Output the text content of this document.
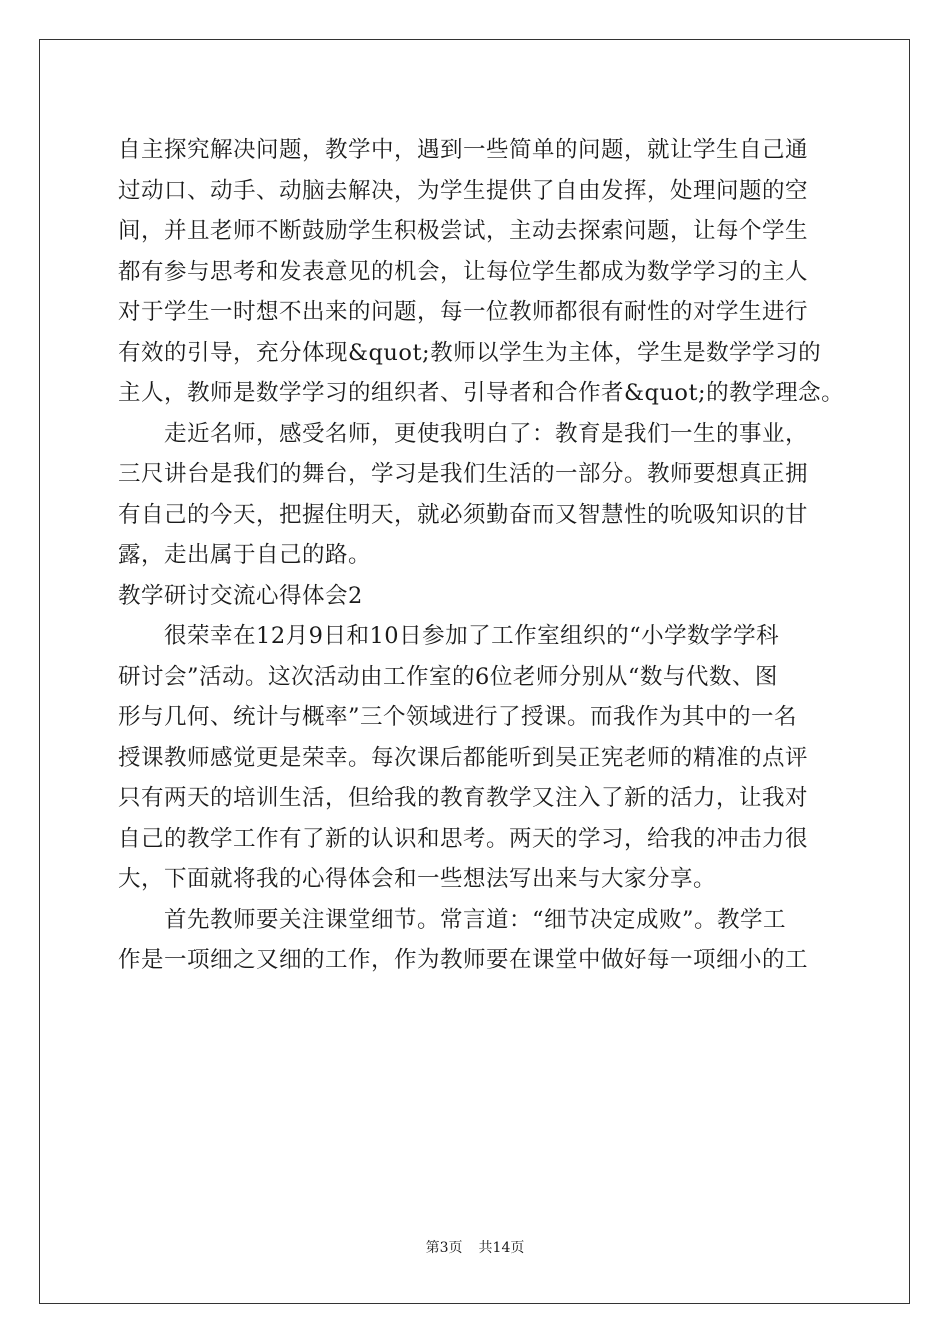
自主探究解决问题，教学中，遇到一些简单的问题，就让学生自己通
过动口、动手、动脑去解决，为学生提供了自由发挥，处理问题的空
间，并且老师不断鼓励学生积极尝试，主动去探索问题，让每个学生
都有参与思考和发表意见的机会，让每位学生都成为数学学习的主人
对于学生一时想不出来的问题，每一位教师都很有耐性的对学生进行
有效的引导，充分体现&quot;教师以学生为主体，学生是数学学习的
主人，教师是数学学习的组织者、引导者和合作者&quot;的教学理念。
　　走近名师，感受名师，更使我明白了：教育是我们一生的事业，
三尺讲台是我们的舞台，学习是我们生活的一部分。教师要想真正拥
有自己的今天，把握住明天，就必须勤奋而又智慧性的吮吸知识的甘
露，走出属于自己的路。
教学研讨交流心得体会2
　　很荣幸在12月9日和10日参加了工作室组织的“小学数学学科
研讨会”活动。这次活动由工作室的6位老师分别从“数与代数、图
形与几何、统计与概率”三个领域进行了授课。而我作为其中的一名
授课教师感觉更是荣幸。每次课后都能听到吴正宪老师的精准的点评
只有两天的培训生活，但给我的教育教学又注入了新的活力，让我对
自己的教学工作有了新的认识和思考。两天的学习，给我的冲击力很
大，下面就将我的心得体会和一些想法写出来与大家分享。
　　首先教师要关注课堂细节。常言道：“细节决定成败”。教学工
作是一项细之又细的工作，作为教师要在课堂中做好每一项细小的工
第3页 共14页
